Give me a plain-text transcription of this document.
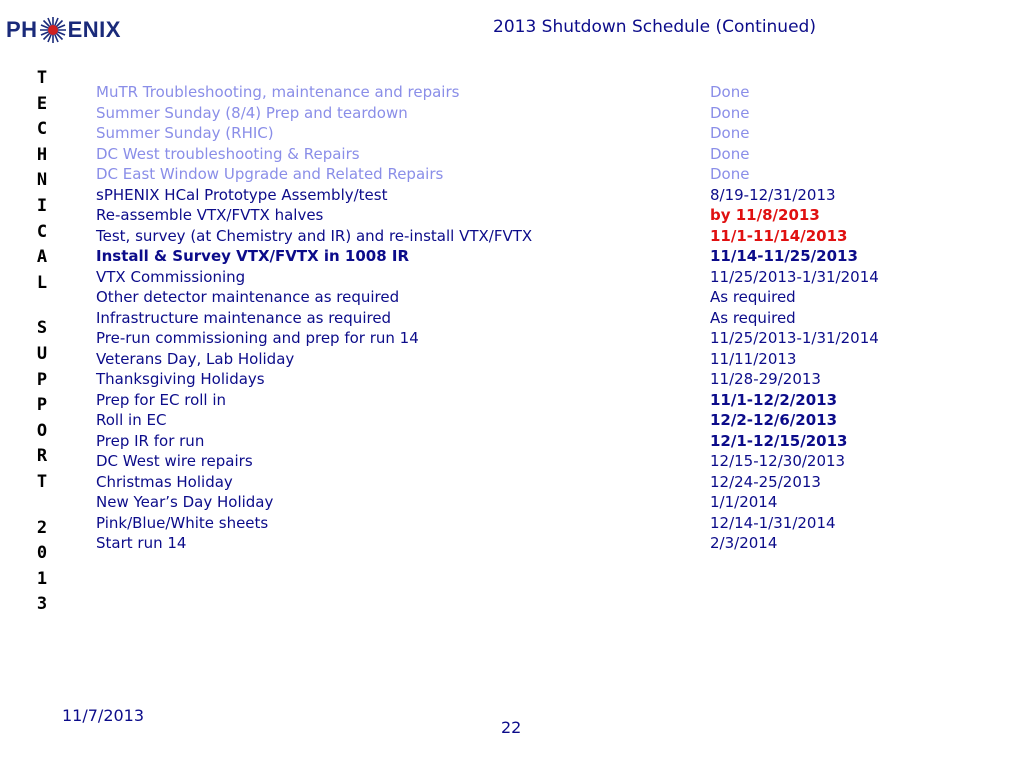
PH ENIX	2013 Shutdown Schedule (Continued)
T
E
C
H
N
I
C
A
L
S
U
P
P
O
R
T
2
0
1
3
MuTR Troubleshooting, maintenance and repairs	Done
Summer Sunday (8/4) Prep and teardown	Done
Summer Sunday (RHIC)	Done
DC West troubleshooting & Repairs	Done
DC East Window Upgrade and Related Repairs	Done
sPHENIX HCal Prototype Assembly/test	8/19-12/31/2013
Re-assemble VTX/FVTX halves	by 11/8/2013
Test, survey (at Chemistry and IR) and re-install VTX/FVTX	11/1-11/14/2013
Install & Survey VTX/FVTX in 1008 IR	11/14-11/25/2013
VTX Commissioning	11/25/2013-1/31/2014
Other detector maintenance as required	As required
Infrastructure maintenance as required	As required
Pre-run commissioning and prep for run 14	11/25/2013-1/31/2014
Veterans Day, Lab Holiday	11/11/2013
Thanksgiving Holidays	11/28-29/2013
Prep for EC roll in	11/1-12/2/2013
Roll in EC	12/2-12/6/2013
Prep IR for run	12/1-12/15/2013
DC West wire repairs	12/15-12/30/2013
Christmas Holiday	12/24-25/2013
New Year’s Day Holiday	1/1/2014
Pink/Blue/White sheets	12/14-1/31/2014
Start run 14	2/3/2014
11/7/2013
22
